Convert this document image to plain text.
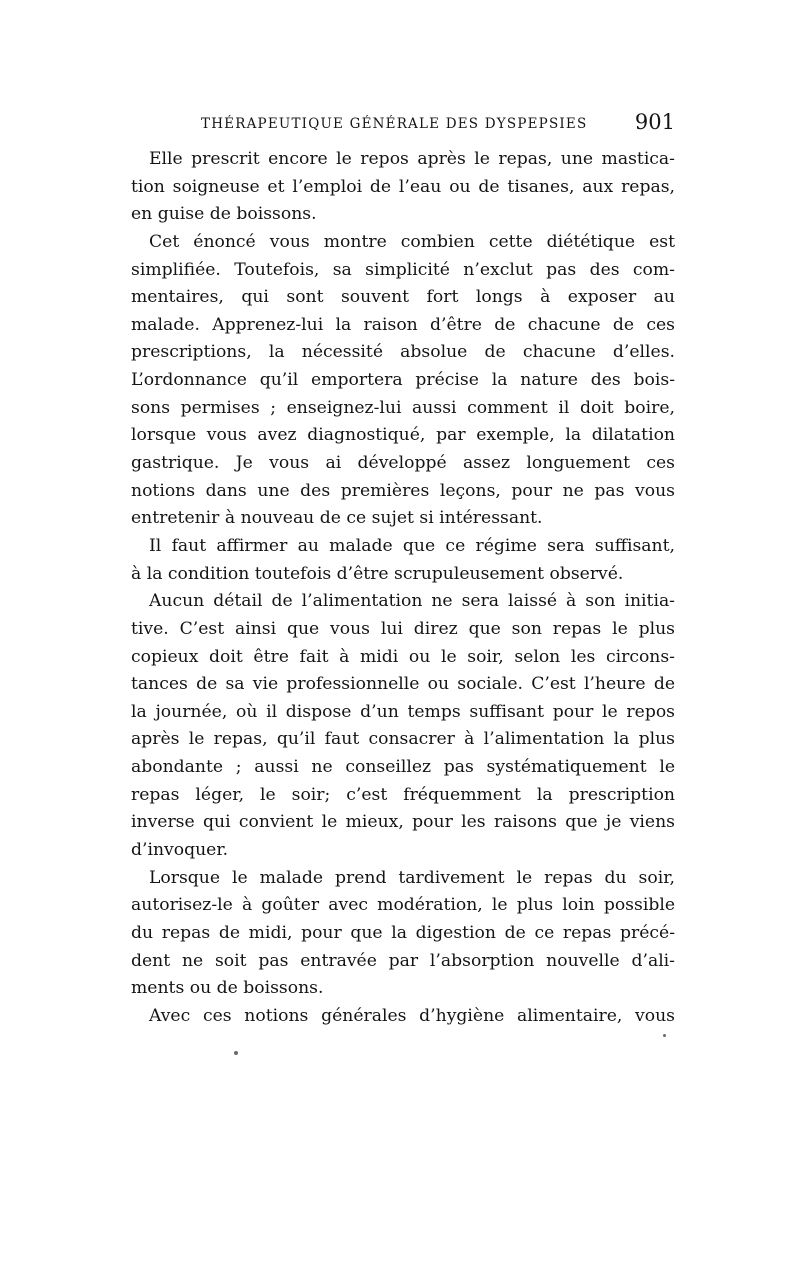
THÉRAPEUTIQUE GÉNÉRALE DES DYSPEPSIES 901
Elle prescrit encore le repos après le repas, une mastica-
tion soigneuse et l’emploi de l’eau ou de tisanes, aux repas,
en guise de boissons.
Cet énoncé vous montre combien cette diététique est
simplifiée. Toutefois, sa simplicité n’exclut pas des com-
mentaires, qui sont souvent fort longs à exposer au
malade. Apprenez-lui la raison d’être de chacune de ces
prescriptions, la nécessité absolue de chacune d’elles.
L’ordonnance qu’il emportera précise la nature des bois-
sons permises ; enseignez-lui aussi comment il doit boire,
lorsque vous avez diagnostiqué, par exemple, la dilatation
gastrique. Je vous ai développé assez longuement ces
notions dans une des premières leçons, pour ne pas vous
entretenir à nouveau de ce sujet si intéressant.
Il faut affirmer au malade que ce régime sera suffisant,
à la condition toutefois d’être scrupuleusement observé.
Aucun détail de l’alimentation ne sera laissé à son initia-
tive. C’est ainsi que vous lui direz que son repas le plus
copieux doit être fait à midi ou le soir, selon les circons-
tances de sa vie professionnelle ou sociale. C’est l’heure de
la journée, où il dispose d’un temps suffisant pour le repos
après le repas, qu’il faut consacrer à l’alimentation la plus
abondante ; aussi ne conseillez pas systématiquement le
repas léger, le soir; c’est fréquemment la prescription
inverse qui convient le mieux, pour les raisons que je viens
d’invoquer.
Lorsque le malade prend tardivement le repas du soir,
autorisez-le à goûter avec modération, le plus loin possible
du repas de midi, pour que la digestion de ce repas précé-
dent ne soit pas entravée par l’absorption nouvelle d’ali-
ments ou de boissons.
Avec ces notions générales d’hygiène alimentaire, vous
